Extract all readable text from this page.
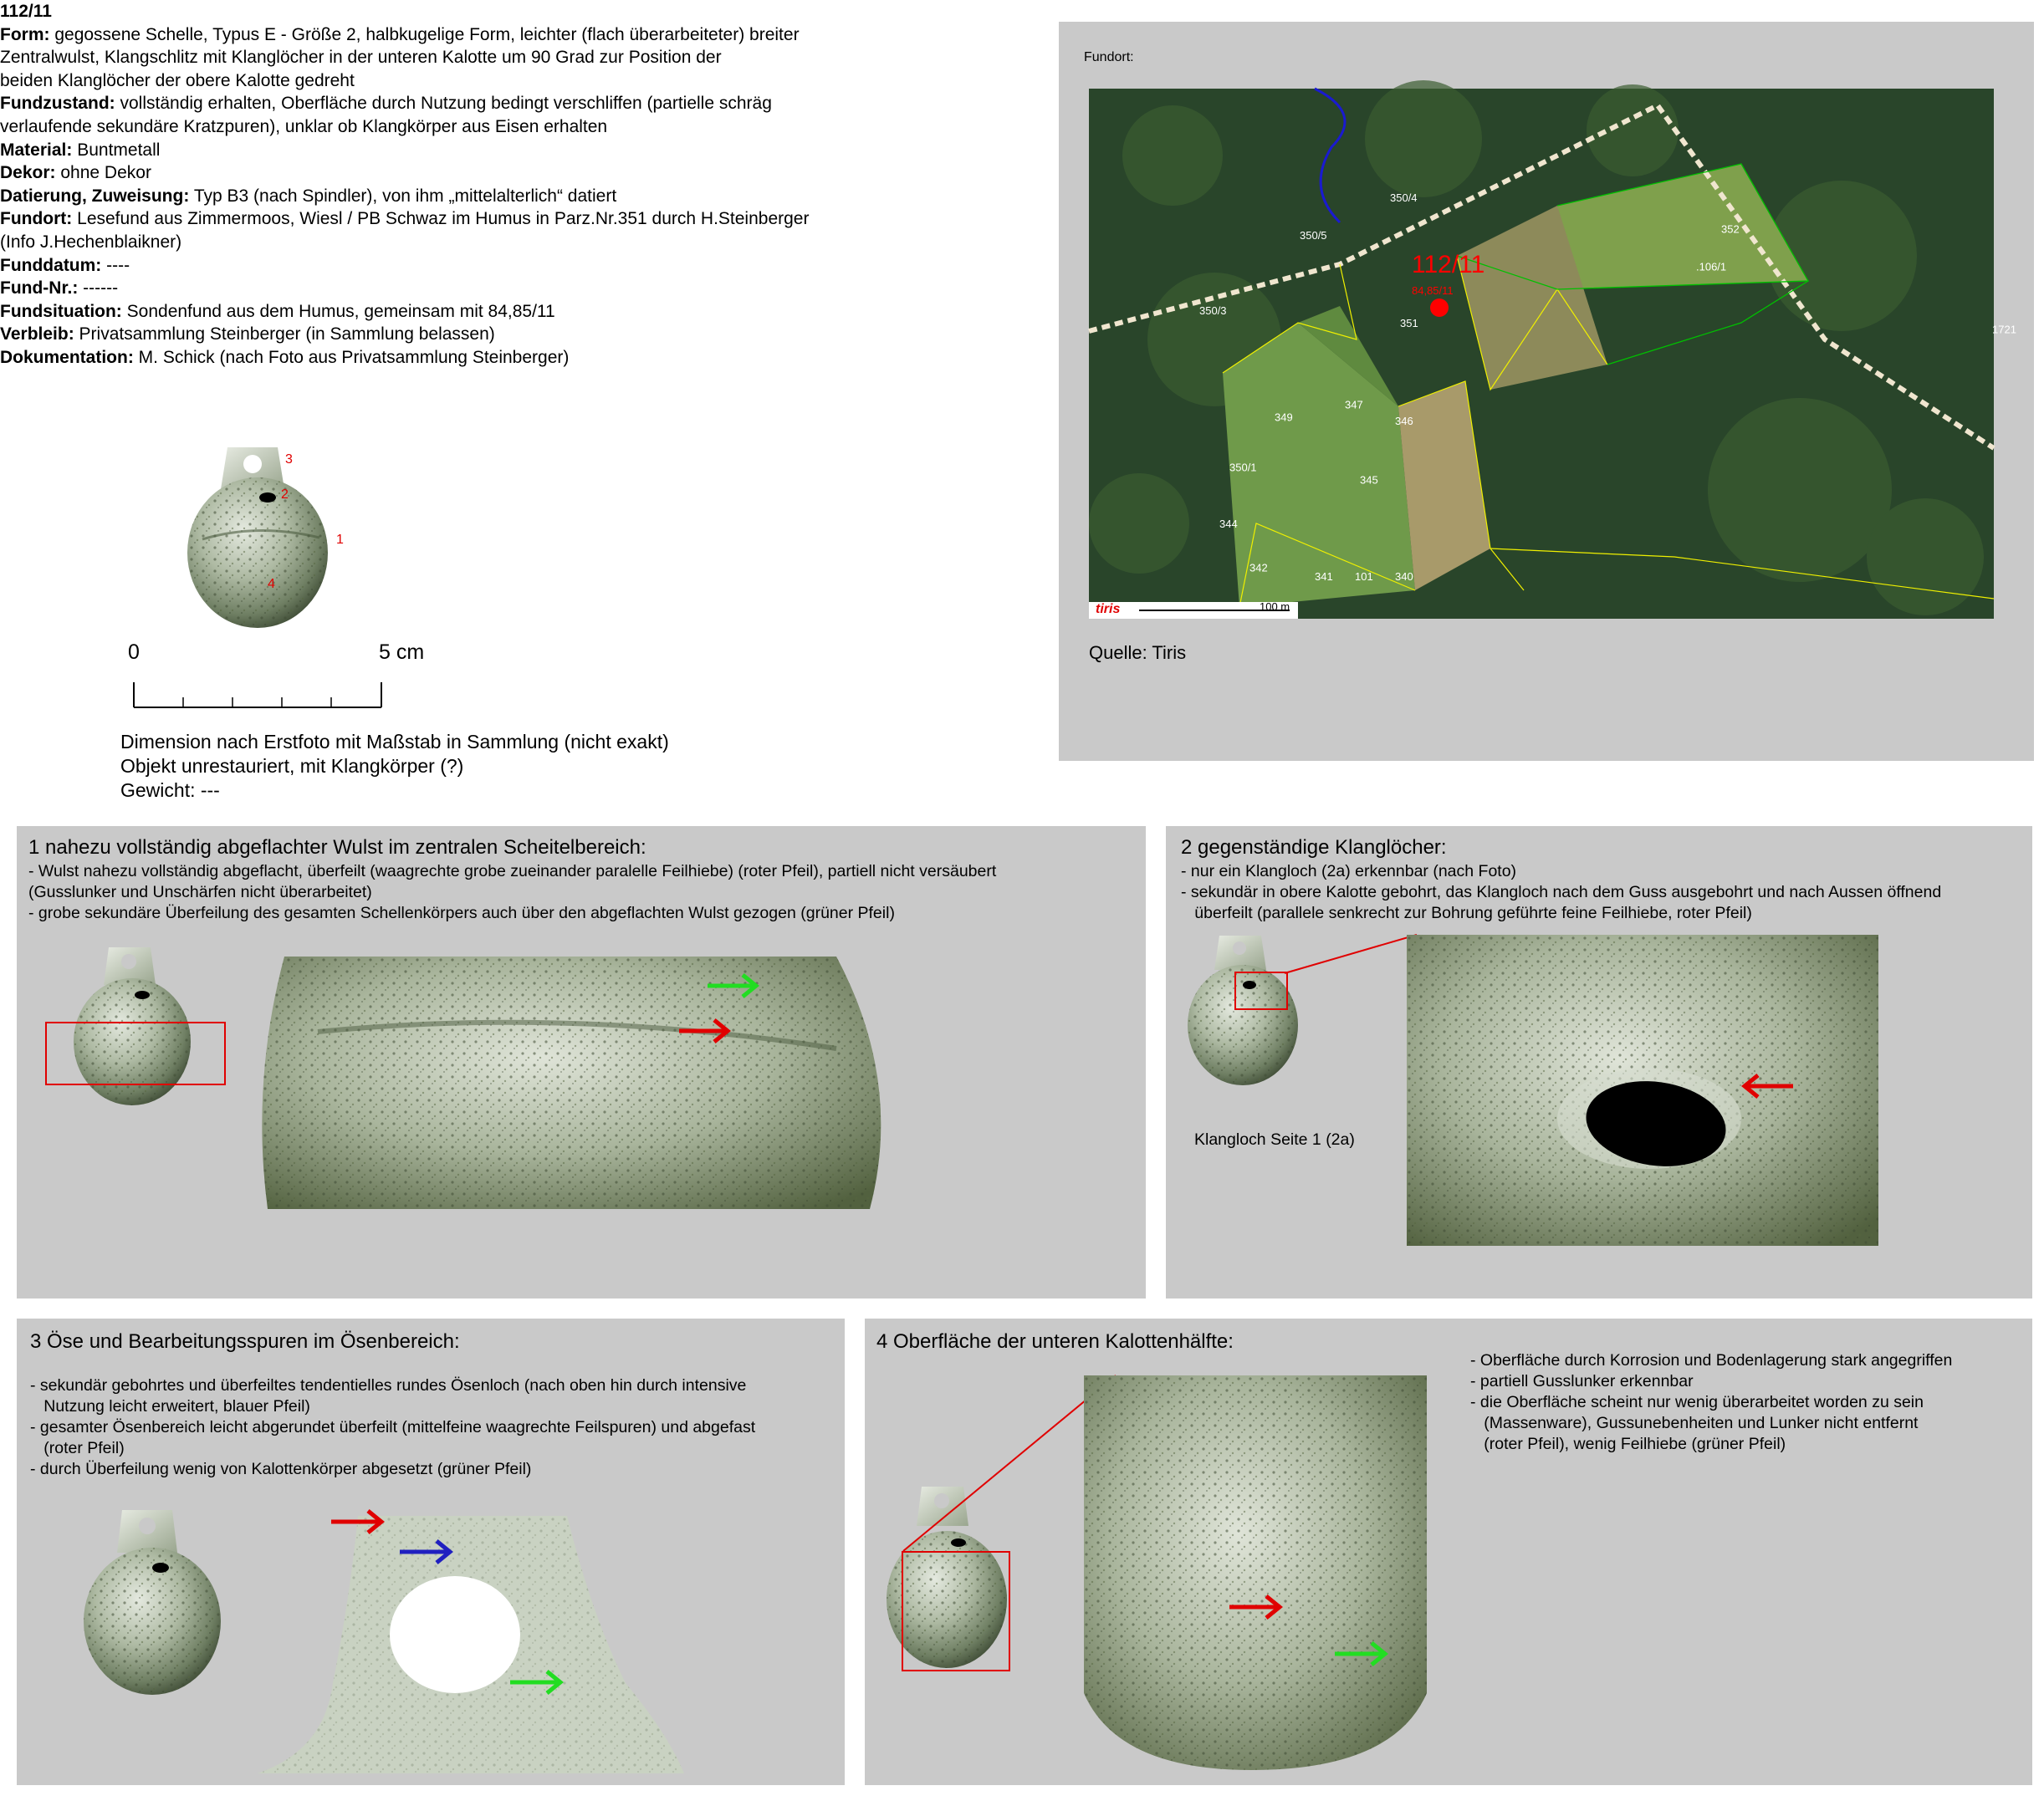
112/11
Form: gegossene Schelle, Typus E - Größe 2, halbkugelige Form, leichter (flach überarbeiteter) breiter
Zentralwulst, Klangschlitz mit Klanglöcher in der unteren Kalotte um 90 Grad zur Position der
beiden Klanglöcher der obere Kalotte gedreht
Fundzustand: vollständig erhalten, Oberfläche durch Nutzung bedingt verschliffen (partielle schräg
verlaufende sekundäre Kratzpuren), unklar ob Klangkörper aus Eisen erhalten
Material: Buntmetall
Dekor: ohne Dekor
Datierung, Zuweisung: Typ B3 (nach Spindler), von ihm „mittelalterlich“ datiert
Fundort: Lesefund aus Zimmermoos, Wiesl / PB Schwaz im Humus in Parz.Nr.351 durch H.Steinberger
(Info J.Hechenblaikner)
Funddatum: ----
Fund-Nr.: ------
Fundsituation: Sondenfund aus dem Humus, gemeinsam mit 84,85/11
Verbleib: Privatsammlung Steinberger (in Sammlung belassen)
Dokumentation: M. Schick (nach Foto aus Privatsammlung Steinberger)
3
2
1
4
0	5 cm
Dimension nach Erstfoto mit Maßstab in Sammlung (nicht exakt)
Objekt unrestauriert, mit Klangkörper (?)
Gewicht: ---
Fundort:
350/4
350/5	352
.106/1
350/3
351	1721
349
347
346
350/1
345
344
342
341 101 340
112/11
84,85/11
tiris	100 m
Quelle: Tiris
1 nahezu vollständig abgeflachter Wulst im zentralen Scheitelbereich:
- Wulst nahezu vollständig abgeflacht, überfeilt (waagrechte grobe zueinander paralelle Feilhiebe) (roter Pfeil), partiell nicht versäubert
(Gusslunker und Unschärfen nicht überarbeitet)
- grobe sekundäre Überfeilung des gesamten Schellenkörpers auch über den abgeflachten Wulst gezogen (grüner Pfeil)
2 gegenständige Klanglöcher:
- nur ein Klangloch (2a) erkennbar (nach Foto)
- sekundär in obere Kalotte gebohrt, das Klangloch nach dem Guss ausgebohrt und nach Aussen öffnend
überfeilt (parallele senkrecht zur Bohrung geführte feine Feilhiebe, roter Pfeil)
Klangloch Seite 1 (2a)
3 Öse und Bearbeitungsspuren im Ösenbereich:
- sekundär gebohrtes und überfeiltes tendentielles rundes Ösenloch (nach oben hin durch intensive
Nutzung leicht erweitert, blauer Pfeil)
- gesamter Ösenbereich leicht abgerundet überfeilt (mittelfeine waagrechte Feilspuren) und abgefast
(roter Pfeil)
- durch Überfeilung wenig von Kalottenkörper abgesetzt (grüner Pfeil)
4 Oberfläche der unteren Kalottenhälfte:
- Oberfläche durch Korrosion und Bodenlagerung stark angegriffen
- partiell Gusslunker erkennbar
- die Oberfläche scheint nur wenig überarbeitet worden zu sein
(Massenware), Gussunebenheiten und Lunker nicht entfernt
(roter Pfeil), wenig Feilhiebe (grüner Pfeil)
